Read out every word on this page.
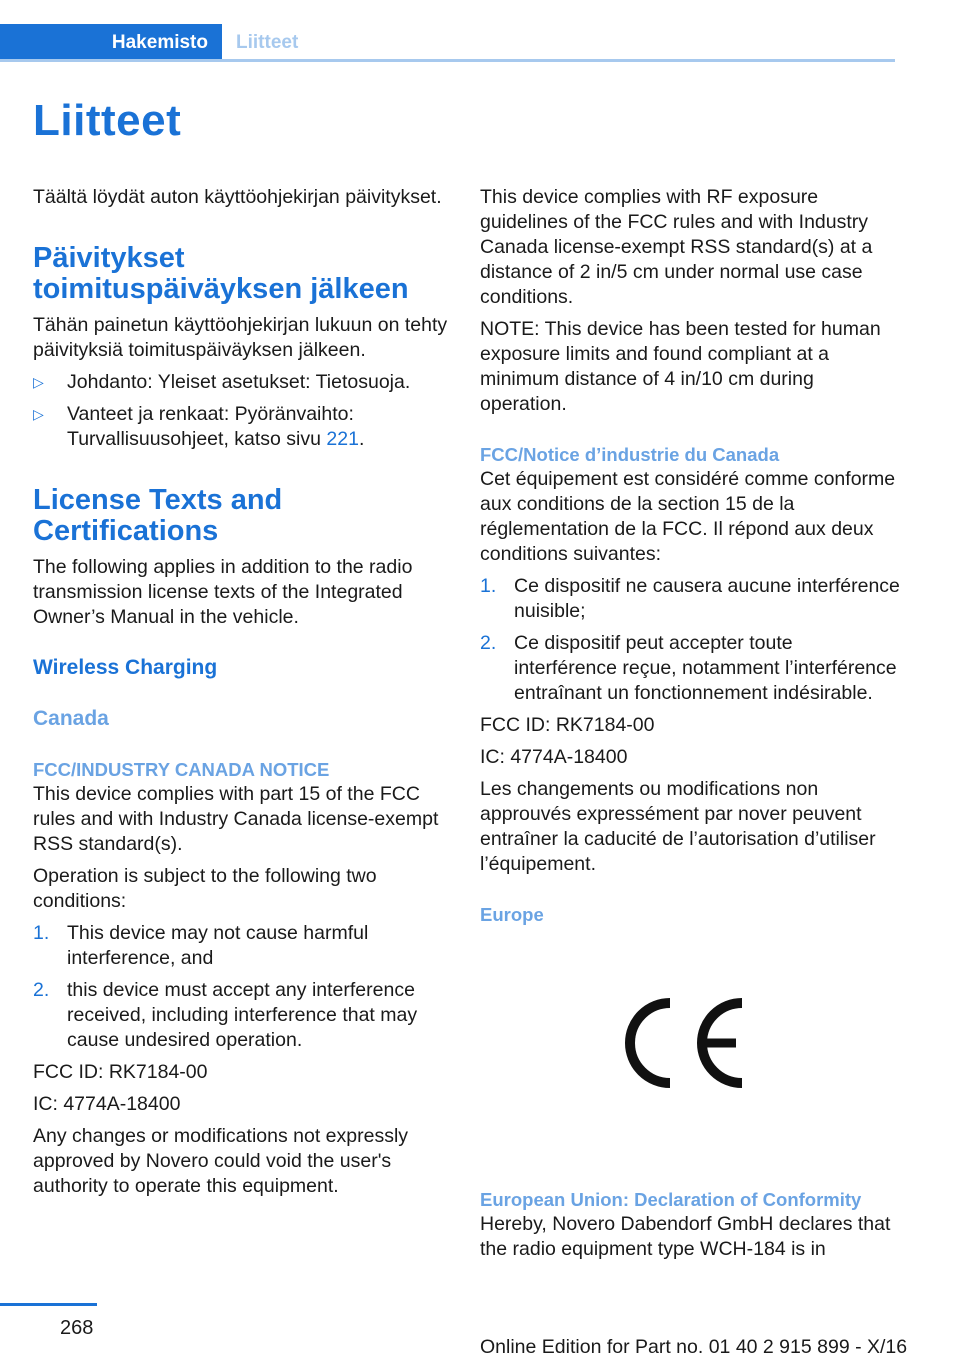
Hakemisto	Liitteet
Liitteet

Täältä löydät auton käyttöohjekirjan päivitykset.

Päivitykset toimituspäiväyksen jälkeen

Tähän painetun käyttöohjekirjan lukuun on tehty päivityksiä toimituspäiväyksen jälkeen.

▷ Johdanto: Yleiset asetukset: Tietosuoja.
▷ Vanteet ja renkaat: Pyöränvaihto: Turvallisuusohjeet, katso sivu 221.
License Texts and Certifications

The following applies in addition to the radio transmission license texts of the Integrated Owner’s Manual in the vehicle.

Wireless Charging
Canada
FCC/INDUSTRY CANADA NOTICE

This device complies with part 15 of the FCC rules and with Industry Canada license-exempt RSS standard(s).

Operation is subject to the following two conditions:

1. This device may not cause harmful interference, and
2. this device must accept any interference received, including interference that may cause undesired operation.

FCC ID: RK7184-00

IC: 4774A-18400

Any changes or modifications not expressly approved by Novero could void the user's authority to operate this equipment.

This device complies with RF exposure guidelines of the FCC rules and with Industry Canada license-exempt RSS standard(s) at a distance of 2 in/5 cm under normal use case conditions.

NOTE: This device has been tested for human exposure limits and found compliant at a minimum distance of 4 in/10 cm during operation.

FCC/Notice d’industrie du Canada

Cet équipement est considéré comme conforme aux conditions de la section 15 de la réglementation de la FCC. Il répond aux deux conditions suivantes:

1. Ce dispositif ne causera aucune interférence nuisible;
2. Ce dispositif peut accepter toute interférence reçue, notamment l’interférence entraînant un fonctionnement indésirable.

FCC ID: RK7184-00

IC: 4774A-18400

Les changements ou modifications non approuvés expressément par nover peuvent entraîner la caducité de l’autorisation d’utiliser l’équipement.

Europe
European Union: Declaration of Conformity

Hereby, Novero Dabendorf GmbH declares that the radio equipment type WCH-184 is in

268
Online Edition for Part no. 01 40 2 915 899 - X/16
